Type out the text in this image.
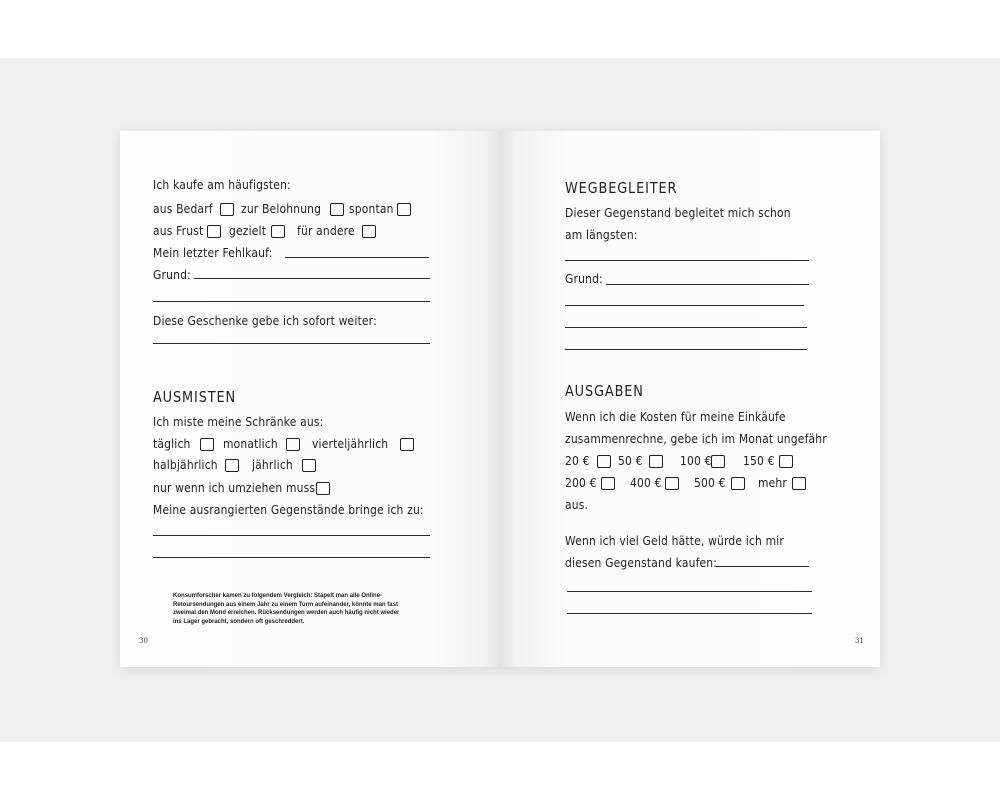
Ich kaufe am häufigsten:
aus Bedarf zur Belohnung spontan
aus Frust gezielt für andere
Mein letzter Fehlkauf:
Grund:
Diese Geschenke gebe ich sofort weiter:
AUSMISTEN
Ich miste meine Schränke aus:
täglich	monatlich	vierteljährlich
halbjährlich	jährlich
nur wenn ich umziehen muss
Meine ausrangierten Gegenstände bringe ich zu:
Konsumforscher kamen zu folgendem Vergleich: Stapelt man alle Online-Retoursendungen aus einem Jahr zu einem Turm aufeinander, könnte man fast zweimal den Mond erreichen. Rücksendungen werden auch häufig nicht wieder ins Lager gebracht, sondern oft geschreddert.
30
WEGBEGLEITER
Dieser Gegenstand begleitet mich schon
am längsten:
Grund:
AUSGABEN
Wenn ich die Kosten für meine Einkäufe
zusammenrechne, gebe ich im Monat ungefähr
20 € 50 €	100 €	150 €
200 €	400 €	500 €	mehr
aus.
Wenn ich viel Geld hätte, würde ich mir
diesen Gegenstand kaufen:
31
